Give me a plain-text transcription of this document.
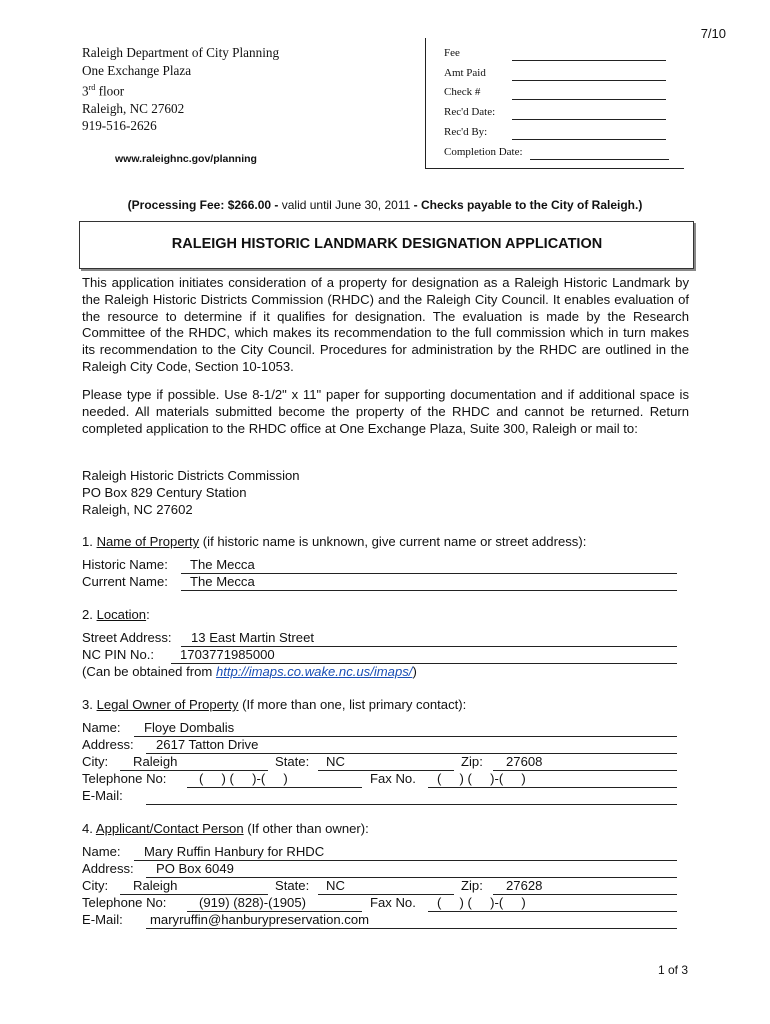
7/10
Raleigh Department of City Planning
One Exchange Plaza
3rd floor
Raleigh, NC 27602
919-516-2626
www.raleighnc.gov/planning
Fee
Amt Paid
Check #
Rec'd Date:
Rec'd By:
Completion Date:
(Processing Fee: $266.00 - valid until June 30, 2011 - Checks payable to the City of Raleigh.)
RALEIGH HISTORIC LANDMARK DESIGNATION APPLICATION
This application initiates consideration of a property for designation as a Raleigh Historic Landmark by the Raleigh Historic Districts Commission (RHDC) and the Raleigh City Council. It enables evaluation of the resource to determine if it qualifies for designation. The evaluation is made by the Research Committee of the RHDC, which makes its recommendation to the full commission which in turn makes its recommendation to the City Council. Procedures for administration by the RHDC are outlined in the Raleigh City Code, Section 10-1053.
Please type if possible. Use 8-1/2" x 11" paper for supporting documentation and if additional space is needed. All materials submitted become the property of the RHDC and cannot be returned. Return completed application to the RHDC office at One Exchange Plaza, Suite 300, Raleigh or mail to:
Raleigh Historic Districts Commission
PO Box 829 Century Station
Raleigh, NC 27602
1. Name of Property (if historic name is unknown, give current name or street address):
Historic Name: The Mecca
Current Name: The Mecca
2. Location:
Street Address: 13 East Martin Street
NC PIN No.: 1703771985000
(Can be obtained from http://imaps.co.wake.nc.us/imaps/)
3. Legal Owner of Property (If more than one, list primary contact):
Name: Floye Dombalis
Address: 2617 Tatton Drive
City: Raleigh	State: NC	Zip: 27608
Telephone No: (     ) (     )-(     )	Fax No. (     ) (     )-(     )
E-Mail:
4. Applicant/Contact Person (If other than owner):
Name: Mary Ruffin Hanbury for RHDC
Address: PO Box 6049
City: Raleigh	State: NC	Zip: 27628
Telephone No: (919) (828)-(1905)	Fax No. (     ) (     )-(     )
E-Mail: maryruffin@hanburypreservation.com
1 of 3
